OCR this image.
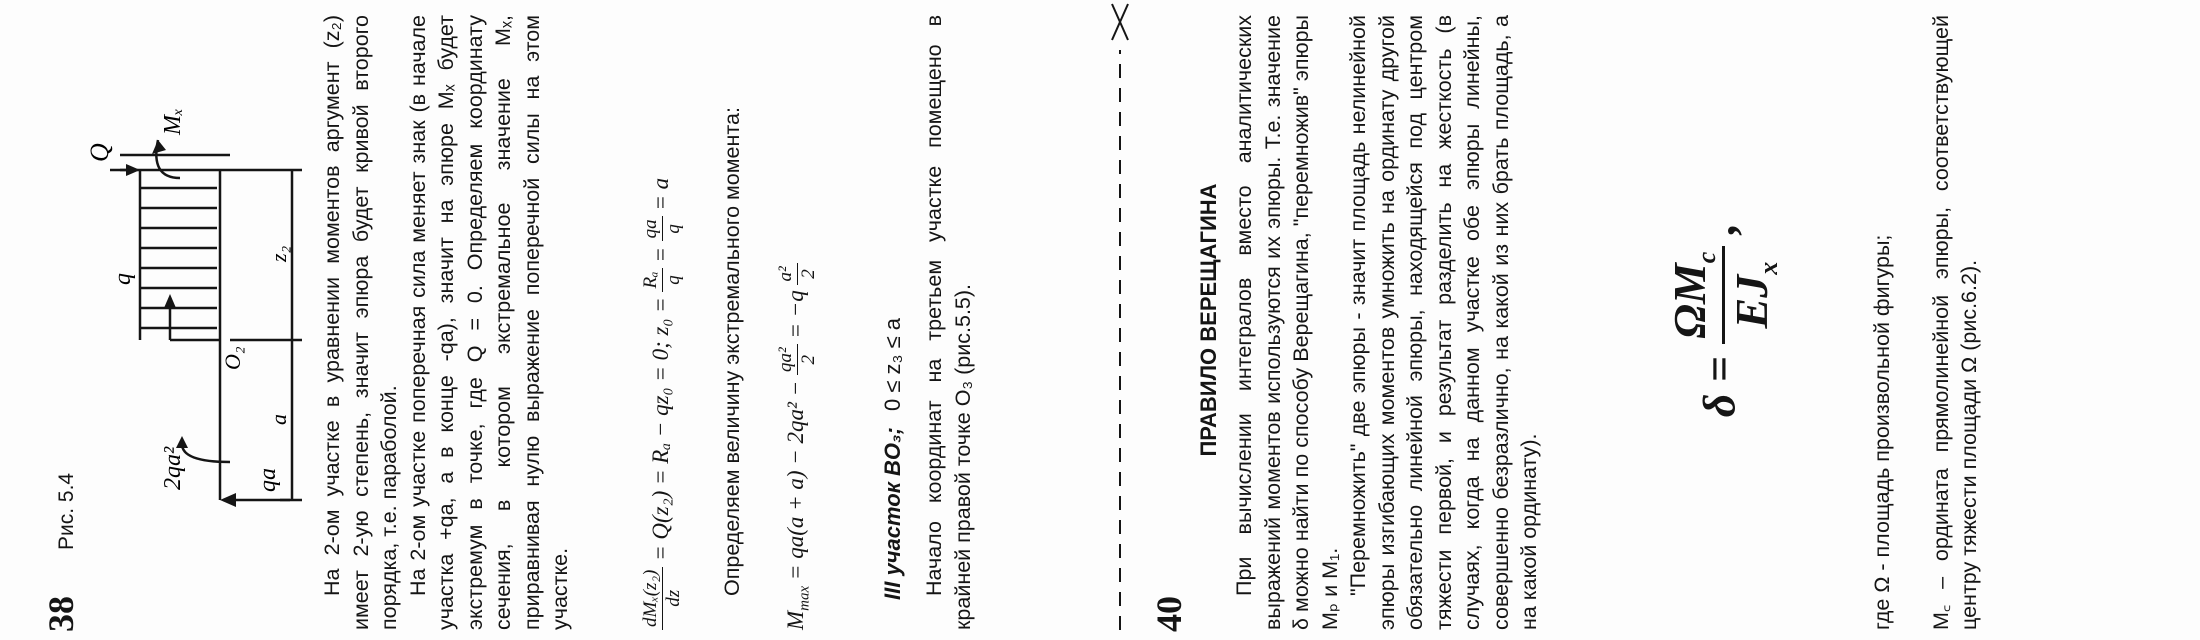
38
Рис. 5.4	qa
2qa²
O₂
q
Q
Mₓ
a
z₂ На 2-ом участке в уравнении моментов аргумент (z₂) имеет 2-ую степень, значит эпюра будет кривой второго порядка, т.е. параболой. На 2-ом участке поперечная сила меняет знак (в начале участка +qa, а в конце -qa), значит на эпюре Mₓ будет экстремум в точке, где Q = 0. Определяем координату сечения, в котором экстремальное значение Mₓ, приравнивая нулю выражение поперечной силы на этом участке.	dMₓ(z₂) dz
= Q(z₂) = Rₐ − qz₀ = 0; z₀ =
Rₐ q
=
qa q
= a	Определяем величину экстремального момента:

$M_{max} = qa(a + a) - 2qa^2$ −
qa² 2
= −q
a² 2
III участок BO₃; 0 ≤ z₃ ≤ a Начало координат на третьем участке помещено в крайней правой точке O₃ (рис.5.5).	40
ПРАВИЛО ВЕРЕЩАГИНА При вычислении интегралов вместо аналитических выражений моментов используются их эпюры. Т.е. значение δ можно найти по способу Верещагина, "перемножив" эпюры Mₚ и M₁. "Перемножить" две эпюры - значит площадь нелинейной эпюры изгибающих моментов умножить на ординату другой обязательно линейной эпюры, находящейся под центром тяжести первой, и результат разделить на жесткость (в случаях, когда на данном участке обе эпюры линейны, совершенно безразлично, на какой из них брать площадь, а на какой ординату).

δ =
$\Omega M_c$
$EJ_x$
,

где Ω - площадь произвольной фигуры; M꜀ – ордината прямолинейной эпюры, соответствующей центру тяжести площади Ω (рис.6.2).
